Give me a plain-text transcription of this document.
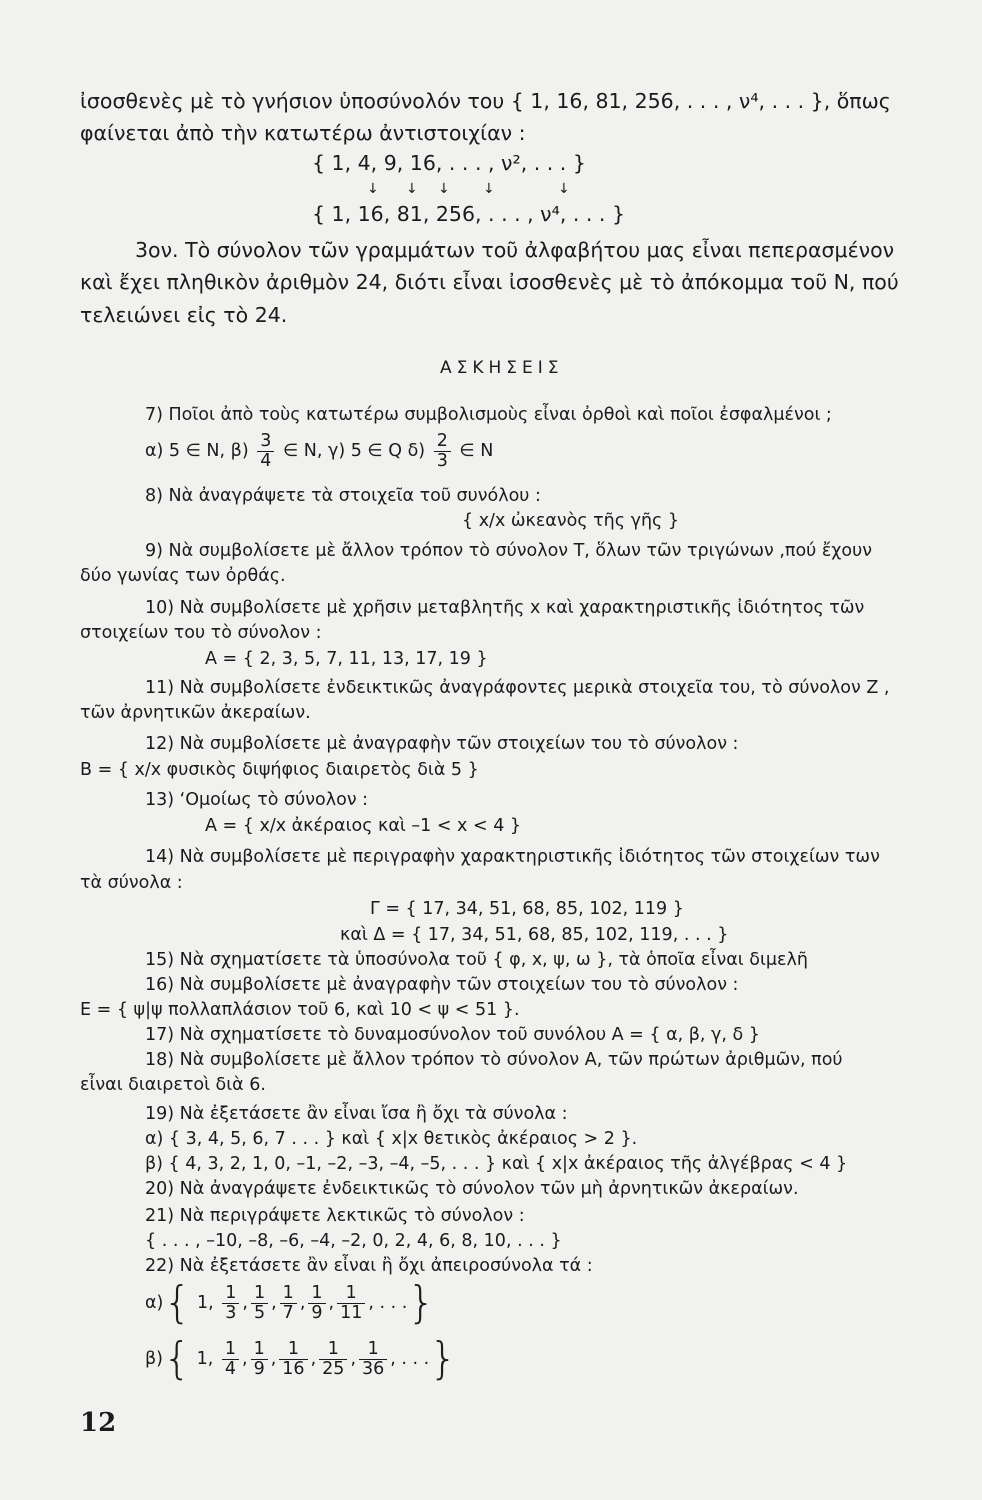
ἰσοσθενὲς μὲ τὸ γνήσιον ὑποσύνολόν του { 1, 16, 81, 256, . . . , ν⁴, . . . }, ὅπως
φαίνεται ἀπὸ τὴν κατωτέρω ἀντιστοιχίαν :
{ 1, 4, 9, 16, . . . , ν², . . . }
↓ ↓ ↓ ↓	↓
{ 1, 16, 81, 256, . . . , ν⁴, . . . }
3ον. Τὸ σύνολον τῶν γραμμάτων τοῦ ἀλφαβήτου μας εἶναι πεπερασμένον
καὶ ἔχει πληθικὸν ἀριθμὸν 24, διότι εἶναι ἰσοσθενὲς μὲ τὸ ἀπόκομμα τοῦ Ν, πού
τελειώνει εἰς τὸ 24.
ΑΣΚΗΣΕΙΣ
7) Ποῖοι ἀπὸ τοὺς κατωτέρω συμβολισμοὺς εἶναι ὀρθοὶ καὶ ποῖοι ἐσφαλμένοι ;
α) 5 ∈ N, $\beta) \frac{3}{4}$ ∈ N, γ) 5 ∈ Q $\delta) \frac{2}{3}$ ∈ N
8) Νὰ ἀναγράψετε τὰ στοιχεῖα τοῦ συνόλου :
{ x/x ὠκεανὸς τῆς γῆς }
9) Νὰ συμβολίσετε μὲ ἄλλον τρόπον τὸ σύνολον Τ, ὅλων τῶν τριγώνων ,πού ἔχουν
δύο γωνίας των ὀρθάς.
10) Νὰ συμβολίσετε μὲ χρῆσιν μεταβλητῆς x καὶ χαρακτηριστικῆς ἰδιότητος τῶν
στοιχείων του τὸ σύνολον :
A = { 2, 3, 5, 7, 11, 13, 17, 19 }
11) Νὰ συμβολίσετε ἐνδεικτικῶς ἀναγράφοντες μερικὰ στοιχεῖα του, τὸ σύνολον Z ,
τῶν ἀρνητικῶν ἀκεραίων.
12) Νὰ συμβολίσετε μὲ ἀναγραφὴν τῶν στοιχείων του τὸ σύνολον :
B = { x/x φυσικὸς διψήφιος διαιρετὸς διὰ 5 }
13) ‘Ομοίως τὸ σύνολον :
A = { x/x ἀκέραιος καὶ –1 < x < 4 }
14) Νὰ συμβολίσετε μὲ περιγραφὴν χαρακτηριστικῆς ἰδιότητος τῶν στοιχείων των
τὰ σύνολα :
Γ = { 17, 34, 51, 68, 85, 102, 119 }
καὶ Δ = { 17, 34, 51, 68, 85, 102, 119, . . . }
15) Νὰ σχηματίσετε τὰ ὑποσύνολα τοῦ { φ, x, ψ, ω }, τὰ ὁποῖα εἶναι διμελῆ
16) Νὰ συμβολίσετε μὲ ἀναγραφὴν τῶν στοιχείων του τὸ σύνολον :
E = { ψ|ψ πολλαπλάσιον τοῦ 6, καὶ 10 < ψ < 51 }.
17) Νὰ σχηματίσετε τὸ δυναμοσύνολον τοῦ συνόλου A = { α, β, γ, δ }
18) Νὰ συμβολίσετε μὲ ἄλλον τρόπον τὸ σύνολον A, τῶν πρώτων ἀριθμῶν, πού
εἶναι διαιρετοὶ διὰ 6.
19) Νὰ ἐξετάσετε ἂν εἶναι ἴσα ἢ ὄχι τὰ σύνολα :
α) { 3, 4, 5, 6, 7 . . . } καὶ { x|x θετικὸς ἀκέραιος > 2 }.
β) { 4, 3, 2, 1, 0, –1, –2, –3, –4, –5, . . . } καὶ { x|x ἀκέραιος τῆς ἀλγέβρας < 4 }
20) Νὰ ἀναγράψετε ἐνδεικτικῶς τὸ σύνολον τῶν μὴ ἀρνητικῶν ἀκεραίων.
21) Νὰ περιγράψετε λεκτικῶς τὸ σύνολον :
{ . . . , –10, –8, –6, –4, –2, 0, 2, 4, 6, 8, 10, . . . }
22) Νὰ ἐξετάσετε ἂν εἶναι ἢ ὄχι ἀπειροσύνολα τά :
α){ 1, $\frac{1}{3}$ , $\frac{1}{5}$ , $\frac{1}{7}$ , $\frac{1}{9}$ , $\frac{1}{11}$ , . . .}
β){ 1, $\frac{1}{4}$ , $\frac{1}{9}$ , $\frac{1}{16}$ , $\frac{1}{25}$ , $\frac{1}{36}$ , . . .}
12
